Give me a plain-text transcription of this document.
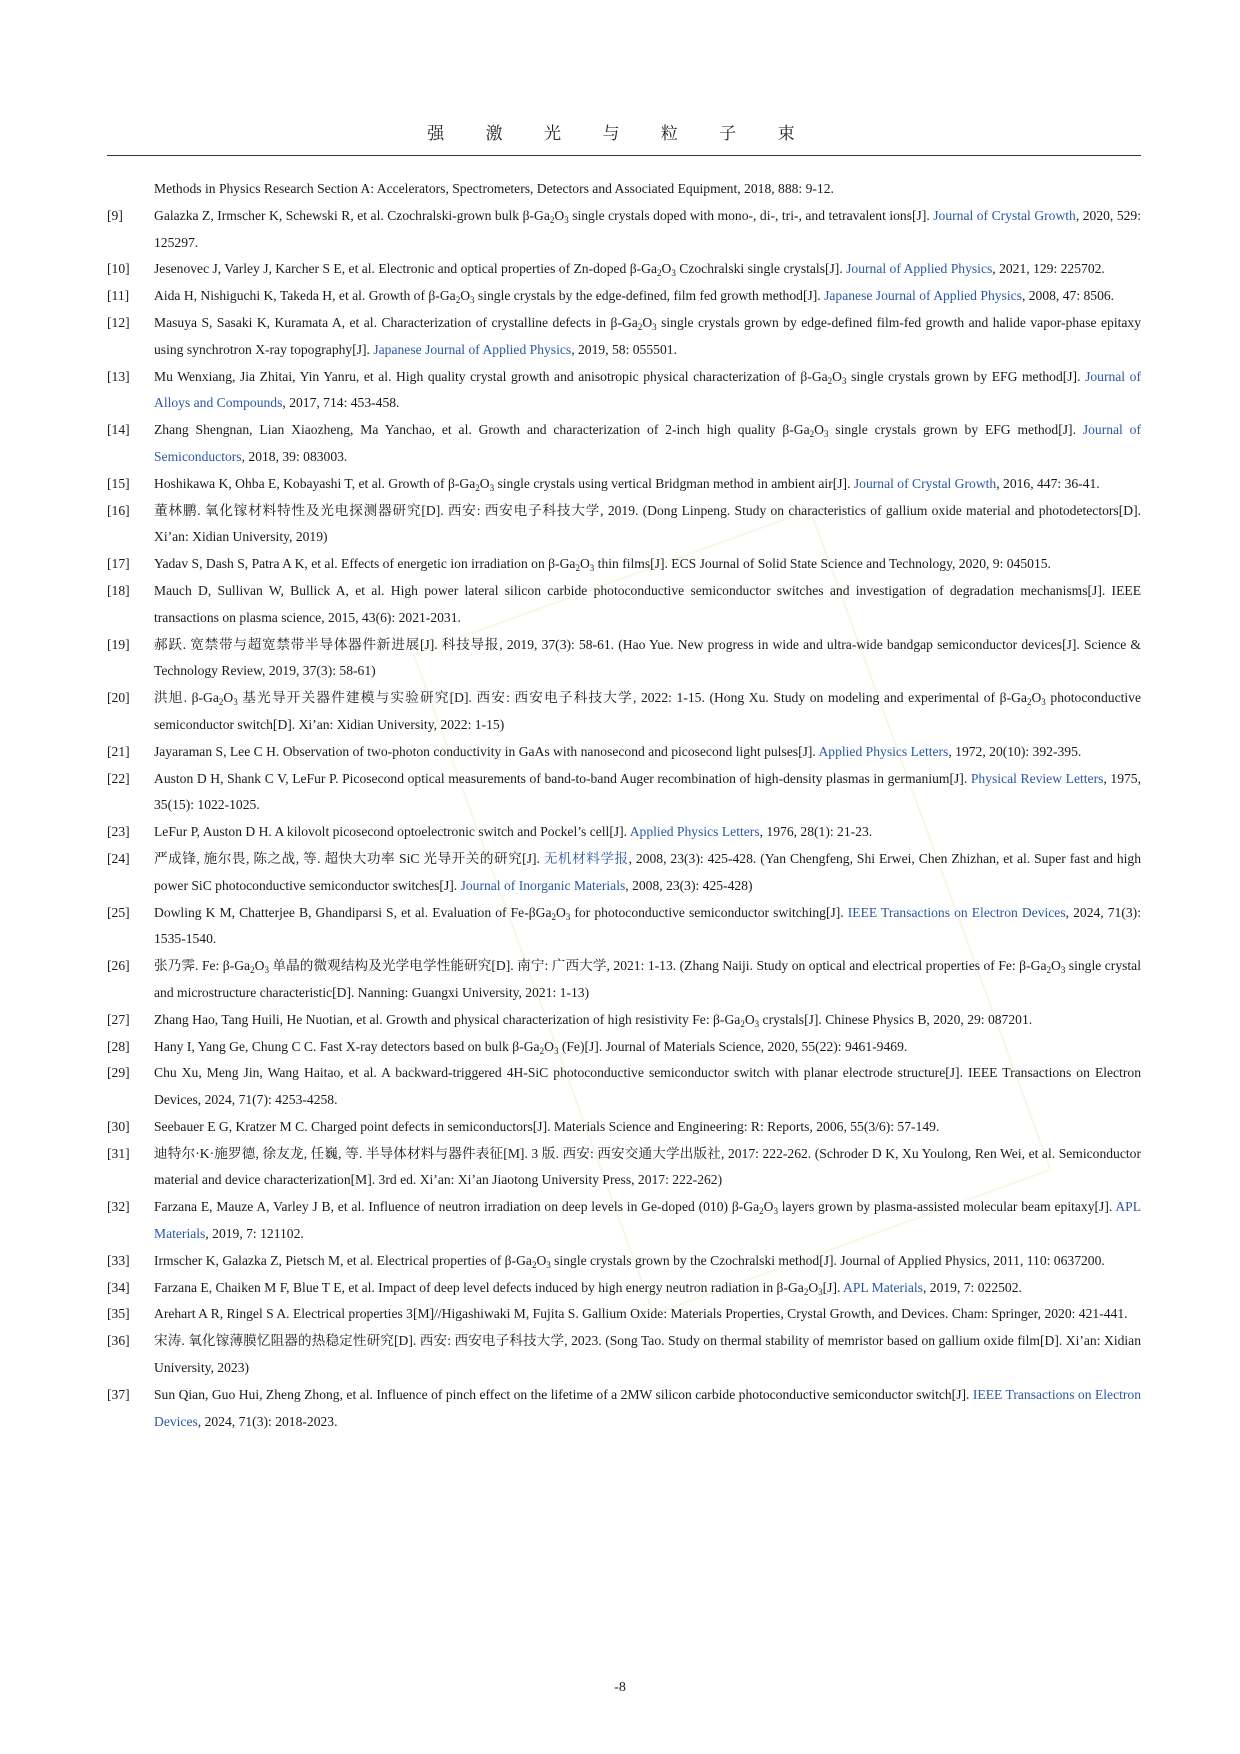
强 激 光 与 粒 子 束
Methods in Physics Research Section A: Accelerators, Spectrometers, Detectors and Associated Equipment, 2018, 888: 9-12.
[9]	Galazka Z, Irmscher K, Schewski R, et al. Czochralski-grown bulk $\beta-Ga_2O_3$ single crystals doped with mono-, di-, tri-, and tetravalent ions[J]. Journal of Crystal Growth, 2020, 529: 125297.
[10]	Jesenovec J, Varley J, Karcher S E, et al. Electronic and optical properties of Zn-doped $\beta-Ga_2O_3$ Czochralski single crystals[J]. Journal of Applied Physics, 2021, 129: 225702.
[11]	Aida H, Nishiguchi K, Takeda H, et al. Growth of $\beta-Ga_2O_3$ single crystals by the edge-defined, film fed growth method[J]. Japanese Journal of Applied Physics, 2008, 47: 8506.
[12]	Masuya S, Sasaki K, Kuramata A, et al. Characterization of crystalline defects in $\beta-Ga_2O_3$ single crystals grown by edge-defined film-fed growth and halide vapor-phase epitaxy using synchrotron X-ray topography[J]. Japanese Journal of Applied Physics, 2019, 58: 055501.
[13]	Mu Wenxiang, Jia Zhitai, Yin Yanru, et al. High quality crystal growth and anisotropic physical characterization of $\beta-Ga_2O_3$ single crystals grown by EFG method[J]. Journal of Alloys and Compounds, 2017, 714: 453-458.
[14]	Zhang Shengnan, Lian Xiaozheng, Ma Yanchao, et al. Growth and characterization of 2-inch high quality $\beta-Ga_2O_3$ single crystals grown by EFG method[J]. Journal of Semiconductors, 2018, 39: 083003.
[15]	Hoshikawa K, Ohba E, Kobayashi T, et al. Growth of $\beta-Ga_2O_3$ single crystals using vertical Bridgman method in ambient air[J]. Journal of Crystal Growth, 2016, 447: 36-41.
[16]	董林鹏. 氧化镓材料特性及光电探测器研究[D]. 西安: 西安电子科技大学, 2019. (Dong Linpeng. Study on characteristics of gallium oxide material and photodetectors[D]. Xi’an: Xidian University, 2019)
[17]	Yadav S, Dash S, Patra A K, et al. Effects of energetic ion irradiation on $\beta-Ga_2O_3$ thin films[J]. ECS Journal of Solid State Science and Technology, 2020, 9: 045015.
[18]	Mauch D, Sullivan W, Bullick A, et al. High power lateral silicon carbide photoconductive semiconductor switches and investigation of degradation mechanisms[J]. IEEE transactions on plasma science, 2015, 43(6): 2021-2031.
[19]	郝跃. 宽禁带与超宽禁带半导体器件新进展[J]. 科技导报, 2019, 37(3): 58-61. (Hao Yue. New progress in wide and ultra-wide bandgap semiconductor devices[J]. Science & Technology Review, 2019, 37(3): 58-61)
[20]	洪旭. $\beta-Ga_2O_3$ 基光导开关器件建模与实验研究[D]. 西安: 西安电子科技大学, 2022: 1-15. (Hong Xu. Study on modeling and experimental of $\beta-Ga_2O_3$ photoconductive semiconductor switch[D]. Xi’an: Xidian University, 2022: 1-15)
[21]	Jayaraman S, Lee C H. Observation of two-photon conductivity in GaAs with nanosecond and picosecond light pulses[J]. Applied Physics Letters, 1972, 20(10): 392-395.
[22]	Auston D H, Shank C V, LeFur P. Picosecond optical measurements of band-to-band Auger recombination of high-density plasmas in germanium[J]. Physical Review Letters, 1975, 35(15): 1022-1025.
[23]	LeFur P, Auston D H. A kilovolt picosecond optoelectronic switch and Pockel’s cell[J]. Applied Physics Letters, 1976, 28(1): 21-23.
[24]	严成锋, 施尔畏, 陈之战, 等. 超快大功率 SiC 光导开关的研究[J]. 无机材料学报, 2008, 23(3): 425-428. (Yan Chengfeng, Shi Erwei, Chen Zhizhan, et al. Super fast and high power SiC photoconductive semiconductor switches[J]. Journal of Inorganic Materials, 2008, 23(3): 425-428)
[25]	Dowling K M, Chatterjee B, Ghandiparsi S, et al. Evaluation of $Fe-\beta Ga_2O_3$ for photoconductive semiconductor switching[J]. IEEE Transactions on Electron Devices, 2024, 71(3): 1535-1540.
[26]	张乃霁. Fe: $\beta-Ga_2O_3$ 单晶的微观结构及光学电学性能研究[D]. 南宁: 广西大学, 2021: 1-13. (Zhang Naiji. Study on optical and electrical properties of Fe: $\beta-Ga_2O_3$ single crystal and microstructure characteristic[D]. Nanning: Guangxi University, 2021: 1-13)
[27]	Zhang Hao, Tang Huili, He Nuotian, et al. Growth and physical characterization of high resistivity Fe: $\beta-Ga_2O_3$ crystals[J]. Chinese Physics B, 2020, 29: 087201.
[28]	Hany I, Yang Ge, Chung C C. Fast X-ray detectors based on bulk $\beta-Ga_2O_3$ (Fe)[J]. Journal of Materials Science, 2020, 55(22): 9461-9469.
[29]	Chu Xu, Meng Jin, Wang Haitao, et al. A backward-triggered 4H-SiC photoconductive semiconductor switch with planar electrode structure[J]. IEEE Transactions on Electron Devices, 2024, 71(7): 4253-4258.
[30]	Seebauer E G, Kratzer M C. Charged point defects in semiconductors[J]. Materials Science and Engineering: R: Reports, 2006, 55(3/6): 57-149.
[31]	迪特尔·K·施罗德, 徐友龙, 任巍, 等. 半导体材料与器件表征[M]. 3 版. 西安: 西安交通大学出版社, 2017: 222-262. (Schroder D K, Xu Youlong, Ren Wei, et al. Semiconductor material and device characterization[M]. 3rd ed. Xi’an: Xi’an Jiaotong University Press, 2017: 222-262)
[32]	Farzana E, Mauze A, Varley J B, et al. Influence of neutron irradiation on deep levels in Ge-doped (010) $\beta-Ga_2O_3$ layers grown by plasma-assisted molecular beam epitaxy[J]. APL Materials, 2019, 7: 121102.
[33]	Irmscher K, Galazka Z, Pietsch M, et al. Electrical properties of $\beta-Ga_2O_3$ single crystals grown by the Czochralski method[J]. Journal of Applied Physics, 2011, 110: 0637200.
[34]	Farzana E, Chaiken M F, Blue T E, et al. Impact of deep level defects induced by high energy neutron radiation in $\beta-Ga_2O_3[J]$. APL Materials, 2019, 7: 022502.
[35]	Arehart A R, Ringel S A. Electrical properties 3[M]//Higashiwaki M, Fujita S. Gallium Oxide: Materials Properties, Crystal Growth, and Devices. Cham: Springer, 2020: 421-441.
[36]	宋涛. 氧化镓薄膜忆阻器的热稳定性研究[D]. 西安: 西安电子科技大学, 2023. (Song Tao. Study on thermal stability of memristor based on gallium oxide film[D]. Xi’an: Xidian University, 2023)
[37]	Sun Qian, Guo Hui, Zheng Zhong, et al. Influence of pinch effect on the lifetime of a 2MW silicon carbide photoconductive semiconductor switch[J]. IEEE Transactions on Electron Devices, 2024, 71(3): 2018-2023.
-8
